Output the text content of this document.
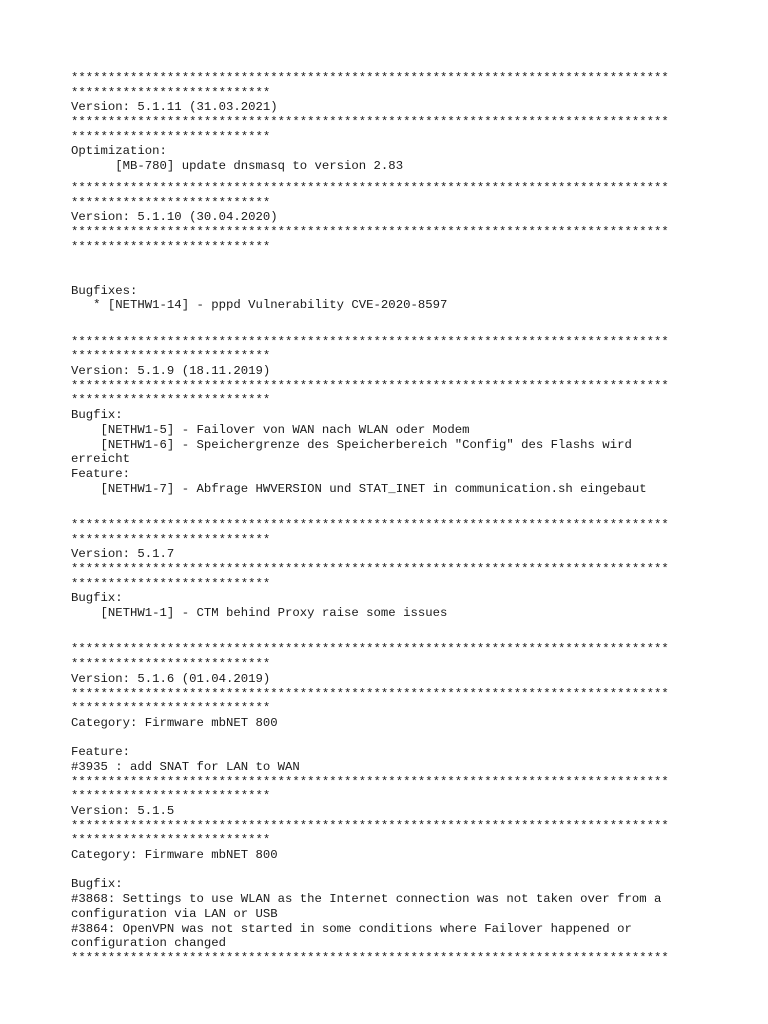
*********************************************************************************
***************************
Version: 5.1.11 (31.03.2021)
*********************************************************************************
***************************
Optimization:
[MB-780] update dnsmasq to version 2.83
*********************************************************************************
***************************
Version: 5.1.10 (30.04.2020)
*********************************************************************************
***************************
Bugfixes:
* [NETHW1-14] - pppd Vulnerability CVE-2020-8597
*********************************************************************************
***************************
Version: 5.1.9 (18.11.2019)
*********************************************************************************
***************************
Bugfix:
[NETHW1-5] - Failover von WAN nach WLAN oder Modem
[NETHW1-6] - Speichergrenze des Speicherbereich "Config" des Flashs wird
erreicht
Feature:
[NETHW1-7] - Abfrage HWVERSION und STAT_INET in communication.sh eingebaut
*********************************************************************************
***************************
Version: 5.1.7
*********************************************************************************
***************************
Bugfix:
[NETHW1-1] - CTM behind Proxy raise some issues
*********************************************************************************
***************************
Version: 5.1.6 (01.04.2019)
*********************************************************************************
***************************
Category: Firmware mbNET 800
Feature:
#3935 : add SNAT for LAN to WAN
*********************************************************************************
***************************
Version: 5.1.5
*********************************************************************************
***************************
Category: Firmware mbNET 800
Bugfix:
#3868: Settings to use WLAN as the Internet connection was not taken over from a
configuration via LAN or USB
#3864: OpenVPN was not started in some conditions where Failover happened or
configuration changed
*********************************************************************************
